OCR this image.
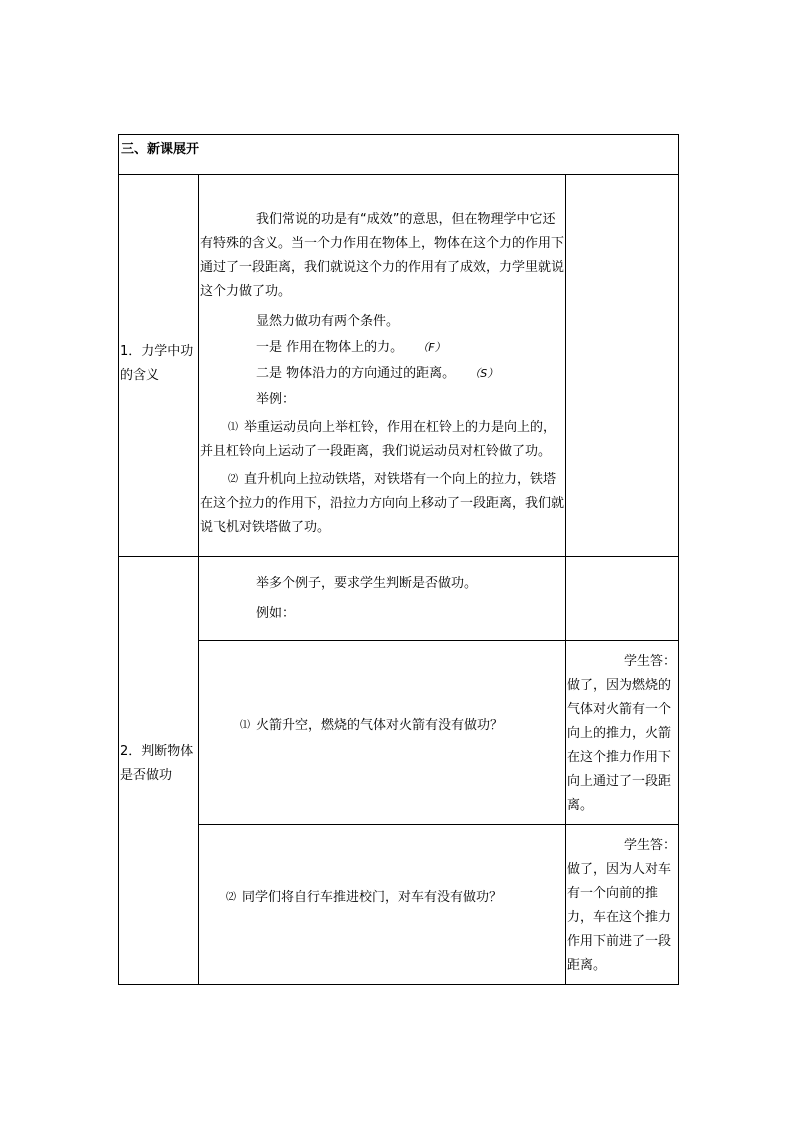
三、新课展开
1．力学中功的含义

我们常说的功是有“成效”的意思，但在物理学中它还有特殊的含义。当一个力作用在物体上，物体在这个力的作用下通过了一段距离，我们就说这个力的作用有了成效，力学里就说这个力做了功。

显然力做功有两个条件。

一是 作用在物体上的力。 （F）

二是 物体沿力的方向通过的距离。 （S）

举例：

⑴ 举重运动员向上举杠铃，作用在杠铃上的力是向上的，并且杠铃向上运动了一段距离，我们说运动员对杠铃做了功。

⑵ 直升机向上拉动铁塔，对铁塔有一个向上的拉力，铁塔在这个拉力的作用下，沿拉力方向向上移动了一段距离，我们就说飞机对铁塔做了功。

2．判断物体是否做功

举多个例子，要求学生判断是否做功。

例如：

⑴ 火箭升空，燃烧的气体对火箭有没有做功？
学生答：
做了，因为燃烧的气体对火箭有一个向上的推力，火箭在这个推力作用下向上通过了一段距离。
⑵ 同学们将自行车推进校门，对车有没有做功？
学生答：
做了，因为人对车有一个向前的推力，车在这个推力作用下前进了一段距离。
